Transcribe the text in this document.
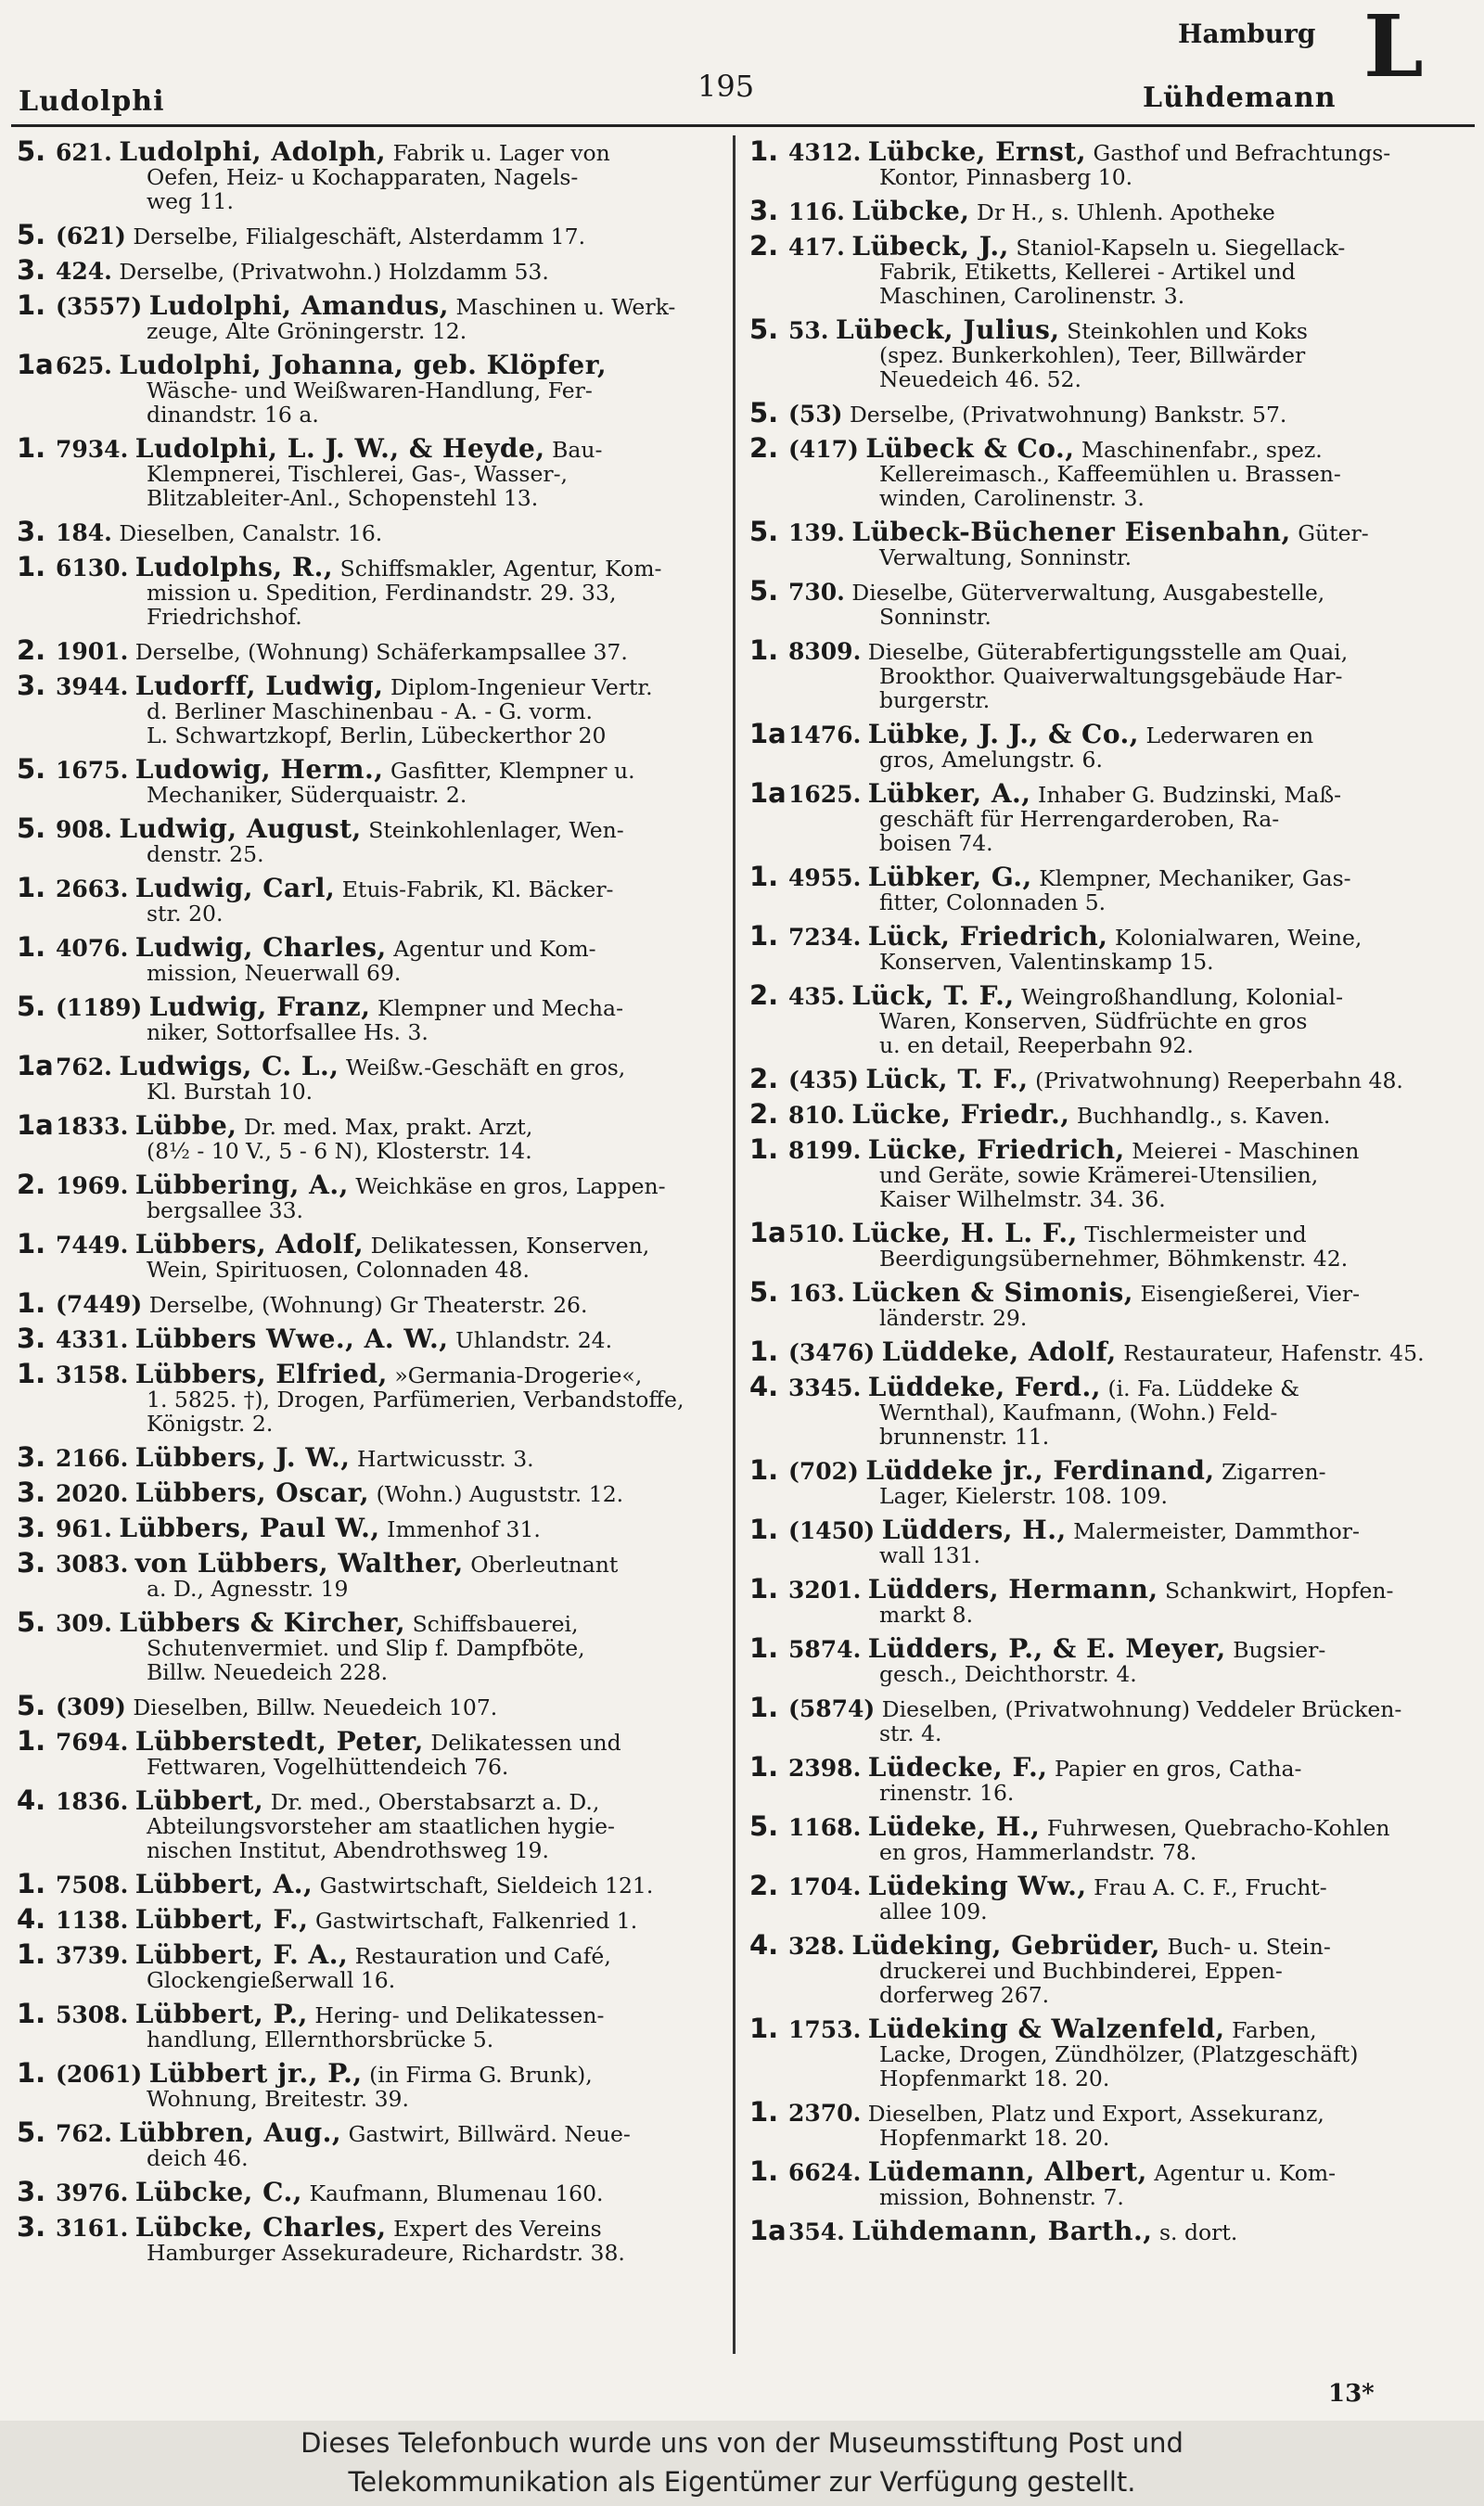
Ludolphi	195
Hamburg
Lühdemann
L
5. 621. Ludolphi, Adolph, Fabrik u. Lager von
Oefen, Heiz- u Kochapparaten, Nagels-
weg 11.
5. (621) Derselbe, Filialgeschäft, Alsterdamm 17.
3. 424. Derselbe, (Privatwohn.) Holzdamm 53.
1. (3557) Ludolphi, Amandus, Maschinen u. Werk-
zeuge, Alte Gröningerstr. 12.
1a625. Ludolphi, Johanna, geb. Klöpfer,
Wäsche- und Weißwaren-Handlung, Fer-
dinandstr. 16 a.
1. 7934. Ludolphi, L. J. W., & Heyde, Bau-
Klempnerei, Tischlerei, Gas-, Wasser-,
Blitzableiter-Anl., Schopenstehl 13.
3. 184. Dieselben, Canalstr. 16.
1. 6130. Ludolphs, R., Schiffsmakler, Agentur, Kom-
mission u. Spedition, Ferdinandstr. 29. 33,
Friedrichshof.
2. 1901. Derselbe, (Wohnung) Schäferkampsallee 37.
3. 3944. Ludorff, Ludwig, Diplom-Ingenieur Vertr.
d. Berliner Maschinenbau - A. - G. vorm.
L. Schwartzkopf, Berlin, Lübeckerthor 20
5. 1675. Ludowig, Herm., Gasfitter, Klempner u.
Mechaniker, Süderquaistr. 2.
5. 908. Ludwig, August, Steinkohlenlager, Wen-
denstr. 25.
1. 2663. Ludwig, Carl, Etuis-Fabrik, Kl. Bäcker-
str. 20.
1. 4076. Ludwig, Charles, Agentur und Kom-
mission, Neuerwall 69.
5. (1189) Ludwig, Franz, Klempner und Mecha-
niker, Sottorfsallee Hs. 3.
1a762. Ludwigs, C. L., Weißw.-Geschäft en gros,
Kl. Burstah 10.
1a1833. Lübbe, Dr. med. Max, prakt. Arzt,
(8½ - 10 V., 5 - 6 N), Klosterstr. 14.
2. 1969. Lübbering, A., Weichkäse en gros, Lappen-
bergsallee 33.
1. 7449. Lübbers, Adolf, Delikatessen, Konserven,
Wein, Spirituosen, Colonnaden 48.
1. (7449) Derselbe, (Wohnung) Gr Theaterstr. 26.
3. 4331. Lübbers Wwe., A. W., Uhlandstr. 24.
1. 3158. Lübbers, Elfried, »Germania-Drogerie«,
1. 5825. †), Drogen, Parfümerien, Verbandstoffe,
Königstr. 2.
3. 2166. Lübbers, J. W., Hartwicusstr. 3.
3. 2020. Lübbers, Oscar, (Wohn.) Auguststr. 12.
3. 961. Lübbers, Paul W., Immenhof 31.
3. 3083. von Lübbers, Walther, Oberleutnant
a. D., Agnesstr. 19
5. 309. Lübbers & Kircher, Schiffsbauerei,
Schutenvermiet. und Slip f. Dampfböte,
Billw. Neuedeich 228.
5. (309) Dieselben, Billw. Neuedeich 107.
1. 7694. Lübberstedt, Peter, Delikatessen und
Fettwaren, Vogelhüttendeich 76.
4. 1836. Lübbert, Dr. med., Oberstabsarzt a. D.,
Abteilungsvorsteher am staatlichen hygie-
nischen Institut, Abendrothsweg 19.
1. 7508. Lübbert, A., Gastwirtschaft, Sieldeich 121.
4. 1138. Lübbert, F., Gastwirtschaft, Falkenried 1.
1. 3739. Lübbert, F. A., Restauration und Café,
Glockengießerwall 16.
1. 5308. Lübbert, P., Hering- und Delikatessen-
handlung, Ellernthorsbrücke 5.
1. (2061) Lübbert jr., P., (in Firma G. Brunk),
Wohnung, Breitestr. 39.
5. 762. Lübbren, Aug., Gastwirt, Billwärd. Neue-
deich 46.
3. 3976. Lübcke, C., Kaufmann, Blumenau 160.
3. 3161. Lübcke, Charles, Expert des Vereins
Hamburger Assekuradeure, Richardstr. 38.
1. 4312. Lübcke, Ernst, Gasthof und Befrachtungs-
Kontor, Pinnasberg 10.
3. 116. Lübcke, Dr H., s. Uhlenh. Apotheke
2. 417. Lübeck, J., Staniol-Kapseln u. Siegellack-
Fabrik, Etiketts, Kellerei - Artikel und
Maschinen, Carolinenstr. 3.
5. 53. Lübeck, Julius, Steinkohlen und Koks
(spez. Bunkerkohlen), Teer, Billwärder
Neuedeich 46. 52.
5. (53) Derselbe, (Privatwohnung) Bankstr. 57.
2. (417) Lübeck & Co., Maschinenfabr., spez.
Kellereimasch., Kaffeemühlen u. Brassen-
winden, Carolinenstr. 3.
5. 139. Lübeck-Büchener Eisenbahn, Güter-
Verwaltung, Sonninstr.
5. 730. Dieselbe, Güterverwaltung, Ausgabestelle,
Sonninstr.
1. 8309. Dieselbe, Güterabfertigungsstelle am Quai,
Brookthor. Quaiverwaltungsgebäude Har-
burgerstr.
1a1476. Lübke, J. J., & Co., Lederwaren en
gros, Amelungstr. 6.
1a1625. Lübker, A., Inhaber G. Budzinski, Maß-
geschäft für Herrengarderoben, Ra-
boisen 74.
1. 4955. Lübker, G., Klempner, Mechaniker, Gas-
fitter, Colonnaden 5.
1. 7234. Lück, Friedrich, Kolonialwaren, Weine,
Konserven, Valentinskamp 15.
2. 435. Lück, T. F., Weingroßhandlung, Kolonial-
Waren, Konserven, Südfrüchte en gros
u. en detail, Reeperbahn 92.
2. (435) Lück, T. F., (Privatwohnung) Reeperbahn 48.
2. 810. Lücke, Friedr., Buchhandlg., s. Kaven.
1. 8199. Lücke, Friedrich, Meierei - Maschinen
und Geräte, sowie Krämerei-Utensilien,
Kaiser Wilhelmstr. 34. 36.
1a510. Lücke, H. L. F., Tischlermeister und
Beerdigungsübernehmer, Böhmkenstr. 42.
5. 163. Lücken & Simonis, Eisengießerei, Vier-
länderstr. 29.
1. (3476) Lüddeke, Adolf, Restaurateur, Hafenstr. 45.
4. 3345. Lüddeke, Ferd., (i. Fa. Lüddeke &
Wernthal), Kaufmann, (Wohn.) Feld-
brunnenstr. 11.
1. (702) Lüddeke jr., Ferdinand, Zigarren-
Lager, Kielerstr. 108. 109.
1. (1450) Lüdders, H., Malermeister, Dammthor-
wall 131.
1. 3201. Lüdders, Hermann, Schankwirt, Hopfen-
markt 8.
1. 5874. Lüdders, P., & E. Meyer, Bugsier-
gesch., Deichthorstr. 4.
1. (5874) Dieselben, (Privatwohnung) Veddeler Brücken-
str. 4.
1. 2398. Lüdecke, F., Papier en gros, Catha-
rinenstr. 16.
5. 1168. Lüdeke, H., Fuhrwesen, Quebracho-Kohlen
en gros, Hammerlandstr. 78.
2. 1704. Lüdeking Ww., Frau A. C. F., Frucht-
allee 109.
4. 328. Lüdeking, Gebrüder, Buch- u. Stein-
druckerei und Buchbinderei, Eppen-
dorferweg 267.
1. 1753. Lüdeking & Walzenfeld, Farben,
Lacke, Drogen, Zündhölzer, (Platzgeschäft)
Hopfenmarkt 18. 20.
1. 2370. Dieselben, Platz und Export, Assekuranz,
Hopfenmarkt 18. 20.
1. 6624. Lüdemann, Albert, Agentur u. Kom-
mission, Bohnenstr. 7.
1a354. Lühdemann, Barth., s. dort.
13*
Dieses Telefonbuch wurde uns von der Museumsstiftung Post und
Telekommunikation als Eigentümer zur Verfügung gestellt.
